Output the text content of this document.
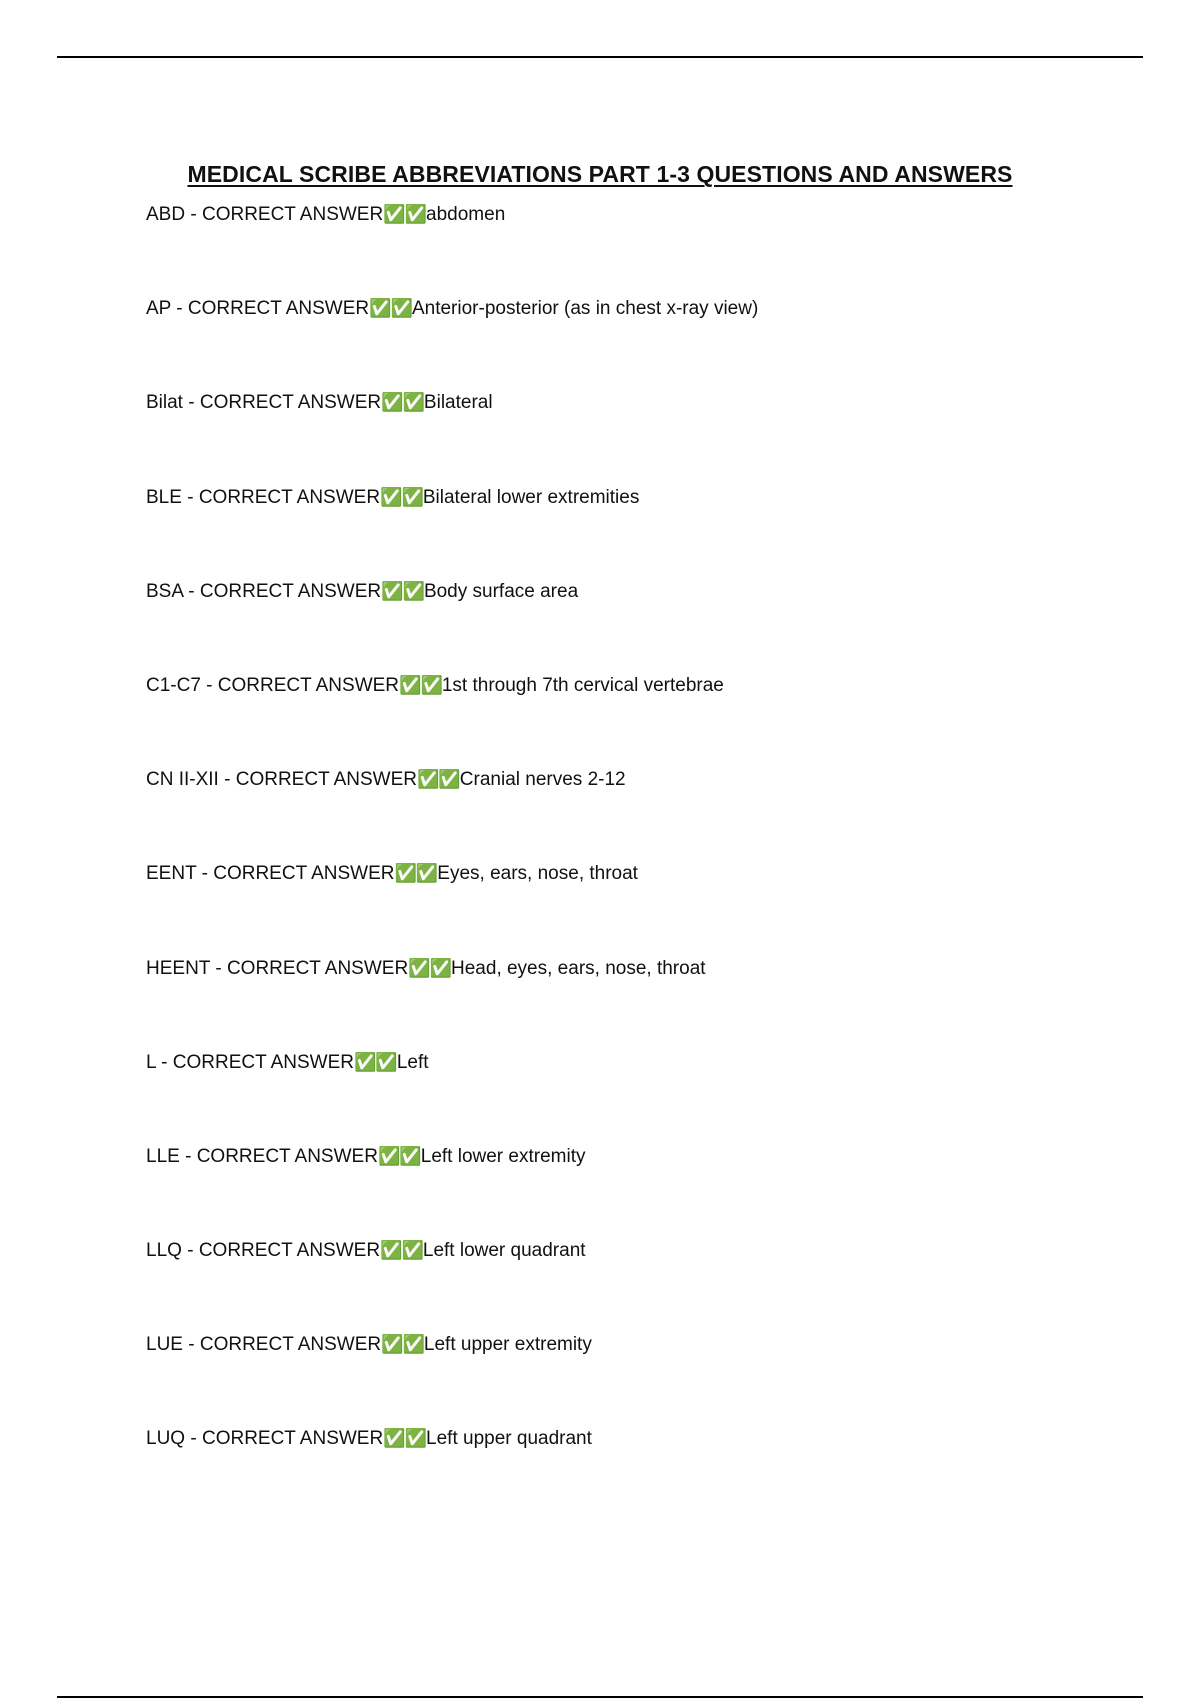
MEDICAL SCRIBE ABBREVIATIONS PART 1-3 QUESTIONS AND ANSWERS
ABD - CORRECT ANSWER✅✅abdomen
AP - CORRECT ANSWER✅✅Anterior-posterior (as in chest x-ray view)
Bilat - CORRECT ANSWER✅✅Bilateral
BLE - CORRECT ANSWER✅✅Bilateral lower extremities
BSA - CORRECT ANSWER✅✅Body surface area
C1-C7 - CORRECT ANSWER✅✅1st through 7th cervical vertebrae
CN II-XII - CORRECT ANSWER✅✅Cranial nerves 2-12
EENT - CORRECT ANSWER✅✅Eyes, ears, nose, throat
HEENT - CORRECT ANSWER✅✅Head, eyes, ears, nose, throat
L - CORRECT ANSWER✅✅Left
LLE - CORRECT ANSWER✅✅Left lower extremity
LLQ - CORRECT ANSWER✅✅Left lower quadrant
LUE - CORRECT ANSWER✅✅Left upper extremity
LUQ - CORRECT ANSWER✅✅Left upper quadrant
